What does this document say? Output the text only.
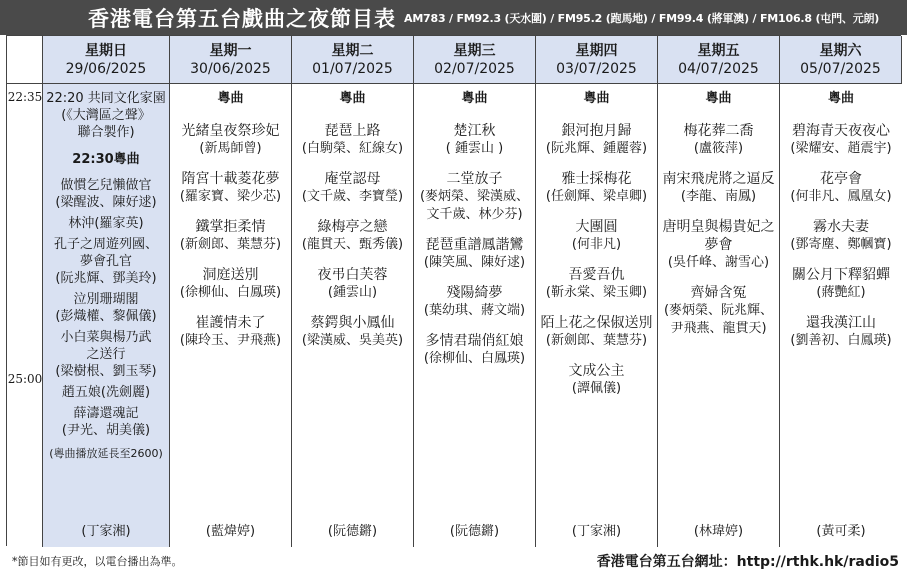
香港電台第五台戲曲之夜節目表 AM783 / FM92.3 (天水圍) / FM95.2 (跑馬地) / FM99.4 (將軍澳) / FM106.8 (屯門、元朗)
星期日
29/06/2025
星期一
30/06/2025
星期二
01/07/2025
星期三
02/07/2025
星期四
03/07/2025
星期五
04/07/2025
星期六
05/07/2025
22:35
25:00
22:20 共同文化家園
(《大灣區之聲》
聯合製作)
22:30粵曲
做慣乞兒懶做官
(梁醒波、陳好逑)
林沖(羅家英)
孔子之周遊列國、
夢會孔官
(阮兆輝、鄧美玲)
泣別珊瑚閣
(彭熾權、黎佩儀)
小白菜與楊乃武
之送行
(梁樹根、劉玉琴)
趙五娘(冼劍麗)
薛濤還魂記
(尹光、胡美儀)
(粵曲播放延長至2600)
(丁家湘)
粵曲
光緒皇夜祭珍妃
(新馬師曾)
隋宮十載菱花夢
(羅家寶、梁少芯)
鐵掌拒柔情
(新劍郎、葉慧芬)
洞庭送別
(徐柳仙、白鳳瑛)
崔護情未了
(陳玲玉、尹飛燕)
(藍煒婷)
粵曲
琵琶上路
(白駒榮、紅線女)
庵堂認母
(文千歲、李寶瑩)
綠梅亭之戀
(龍貫天、甄秀儀)
夜弔白芙蓉
(鍾雲山)
蔡鍔與小鳳仙
(梁漢威、吳美英)
(阮德鏘)
粵曲
楚江秋
( 鍾雲山 )
二堂放子
(麥炳榮、梁漢威、文千歲、林少芬)
琵琶重譜鳳諧鸞
(陳笑風、陳好逑)
殘陽綺夢
(葉幼琪、蔣文端)
多情君瑞俏紅娘
(徐柳仙、白鳳瑛)
(阮德鏘)
粵曲
銀河抱月歸
(阮兆輝、鍾麗蓉)
雅士採梅花
(任劍輝、梁卓卿)
大團圓
(何非凡)
吾愛吾仇
(靳永棠、梁玉卿)
陌上花之保俶送別
(新劍郎、葉慧芬)
文成公主
(譚佩儀)
(丁家湘)
粵曲
梅花葬二喬
(盧筱萍)
南宋飛虎將之逼反
(李龍、南鳳)
唐明皇與楊貴妃之夢會
(吳仟峰、謝雪心)
齊婦含冤
(麥炳榮、阮兆輝、尹飛燕、龍貫天)
(林瑋婷)
粵曲
碧海青天夜夜心
(梁耀安、趙震宇)
花亭會
(何非凡、鳳凰女)
霧水夫妻
(鄧寄塵、鄭幗寶)
關公月下釋貂蟬
(蔣艷紅)
還我漢江山
(劉善初、白鳳瑛)
(黃可柔)
*節目如有更改，以電台播出為準。	香港電台第五台網址：http://rthk.hk/radio5
